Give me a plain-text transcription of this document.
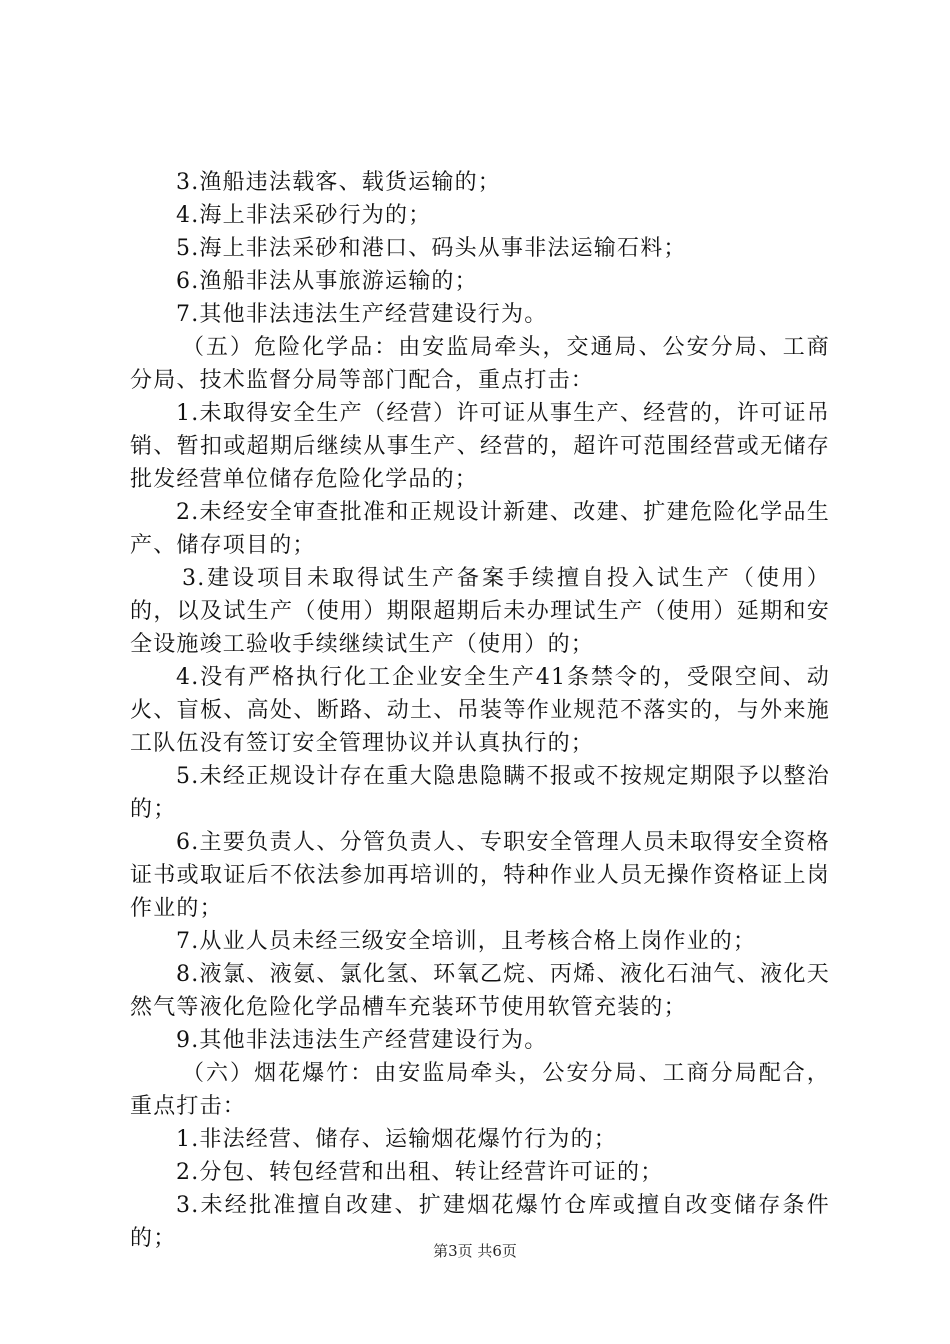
3.渔船违法载客、载货运输的；

4.海上非法采砂行为的；

5.海上非法采砂和港口、码头从事非法运输石料；

6.渔船非法从事旅游运输的；

7.其他非法违法生产经营建设行为。

（五）危险化学品：由安监局牵头，交通局、公安分局、工商分局、技术监督分局等部门配合，重点打击：

1.未取得安全生产（经营）许可证从事生产、经营的，许可证吊销、暂扣或超期后继续从事生产、经营的，超许可范围经营或无储存批发经营单位储存危险化学品的；

2.未经安全审查批准和正规设计新建、改建、扩建危险化学品生产、储存项目的；

3.建设项目未取得试生产备案手续擅自投入试生产（使用）的，以及试生产（使用）期限超期后未办理试生产（使用）延期和安全设施竣工验收手续继续试生产（使用）的；

4.没有严格执行化工企业安全生产41条禁令的，受限空间、动火、盲板、高处、断路、动土、吊装等作业规范不落实的，与外来施工队伍没有签订安全管理协议并认真执行的；

5.未经正规设计存在重大隐患隐瞒不报或不按规定期限予以整治的；

6.主要负责人、分管负责人、专职安全管理人员未取得安全资格证书或取证后不依法参加再培训的，特种作业人员无操作资格证上岗作业的；

7.从业人员未经三级安全培训，且考核合格上岗作业的；

8.液氯、液氨、氯化氢、环氧乙烷、丙烯、液化石油气、液化天然气等液化危险化学品槽车充装环节使用软管充装的；

9.其他非法违法生产经营建设行为。

（六）烟花爆竹：由安监局牵头，公安分局、工商分局配合，重点打击：

1.非法经营、储存、运输烟花爆竹行为的；

2.分包、转包经营和出租、转让经营许可证的；

3.未经批准擅自改建、扩建烟花爆竹仓库或擅自改变储存条件的；	第3页 共6页
